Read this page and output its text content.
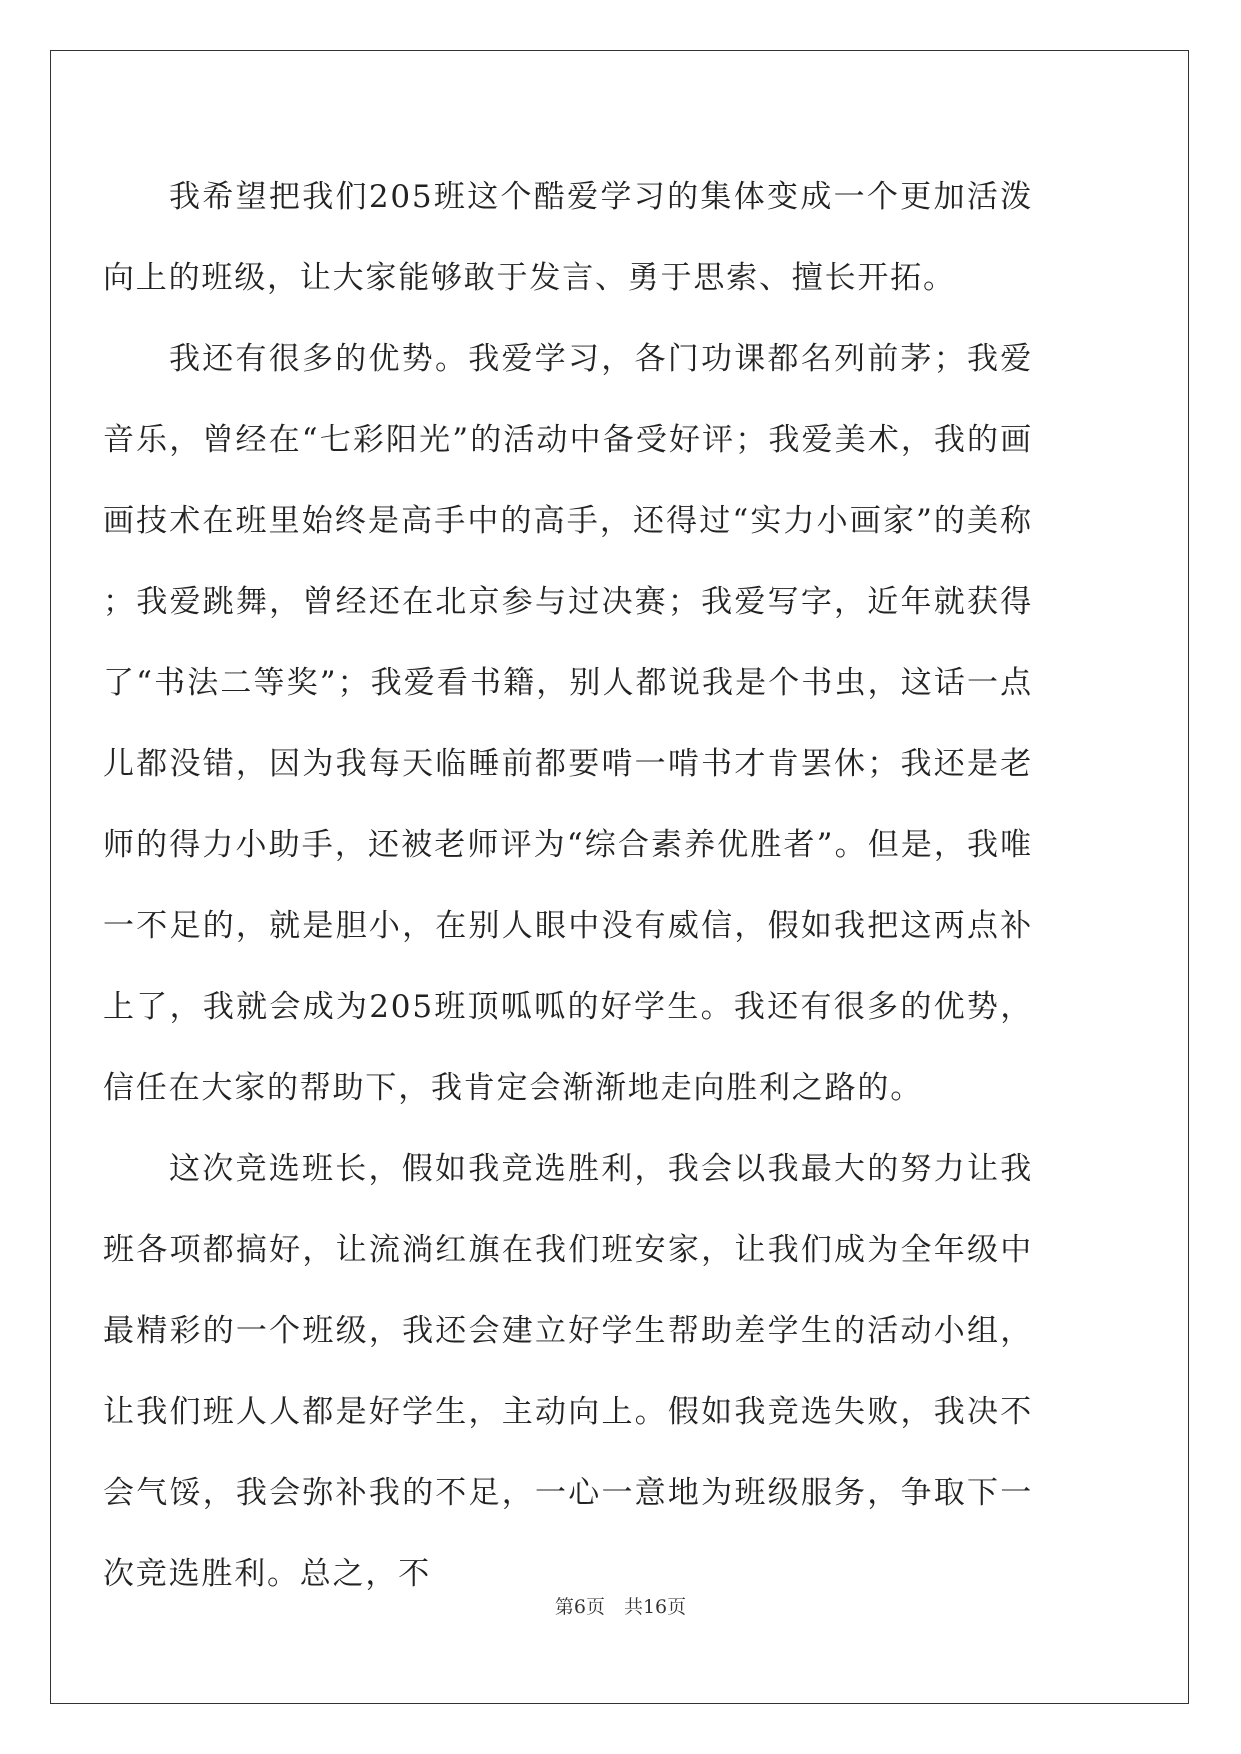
我希望把我们205班这个酷爱学习的集体变成一个更加活泼向上的班级，让大家能够敢于发言、勇于思索、擅长开拓。

我还有很多的优势。我爱学习，各门功课都名列前茅；我爱音乐，曾经在“七彩阳光”的活动中备受好评；我爱美术，我的画画技术在班里始终是高手中的高手，还得过“实力小画家”的美称；我爱跳舞，曾经还在北京参与过决赛；我爱写字，近年就获得了“书法二等奖”；我爱看书籍，别人都说我是个书虫，这话一点儿都没错，因为我每天临睡前都要啃一啃书才肯罢休；我还是老师的得力小助手，还被老师评为“综合素养优胜者”。但是，我唯一不足的，就是胆小，在别人眼中没有威信，假如我把这两点补上了，我就会成为205班顶呱呱的好学生。我还有很多的优势，信任在大家的帮助下，我肯定会渐渐地走向胜利之路的。

这次竞选班长，假如我竞选胜利，我会以我最大的努力让我班各项都搞好，让流淌红旗在我们班安家，让我们成为全年级中最精彩的一个班级，我还会建立好学生帮助差学生的活动小组，让我们班人人都是好学生，主动向上。假如我竞选失败，我决不会气馁，我会弥补我的不足，一心一意地为班级服务，争取下一次竞选胜利。总之，不

第6页　共16页
